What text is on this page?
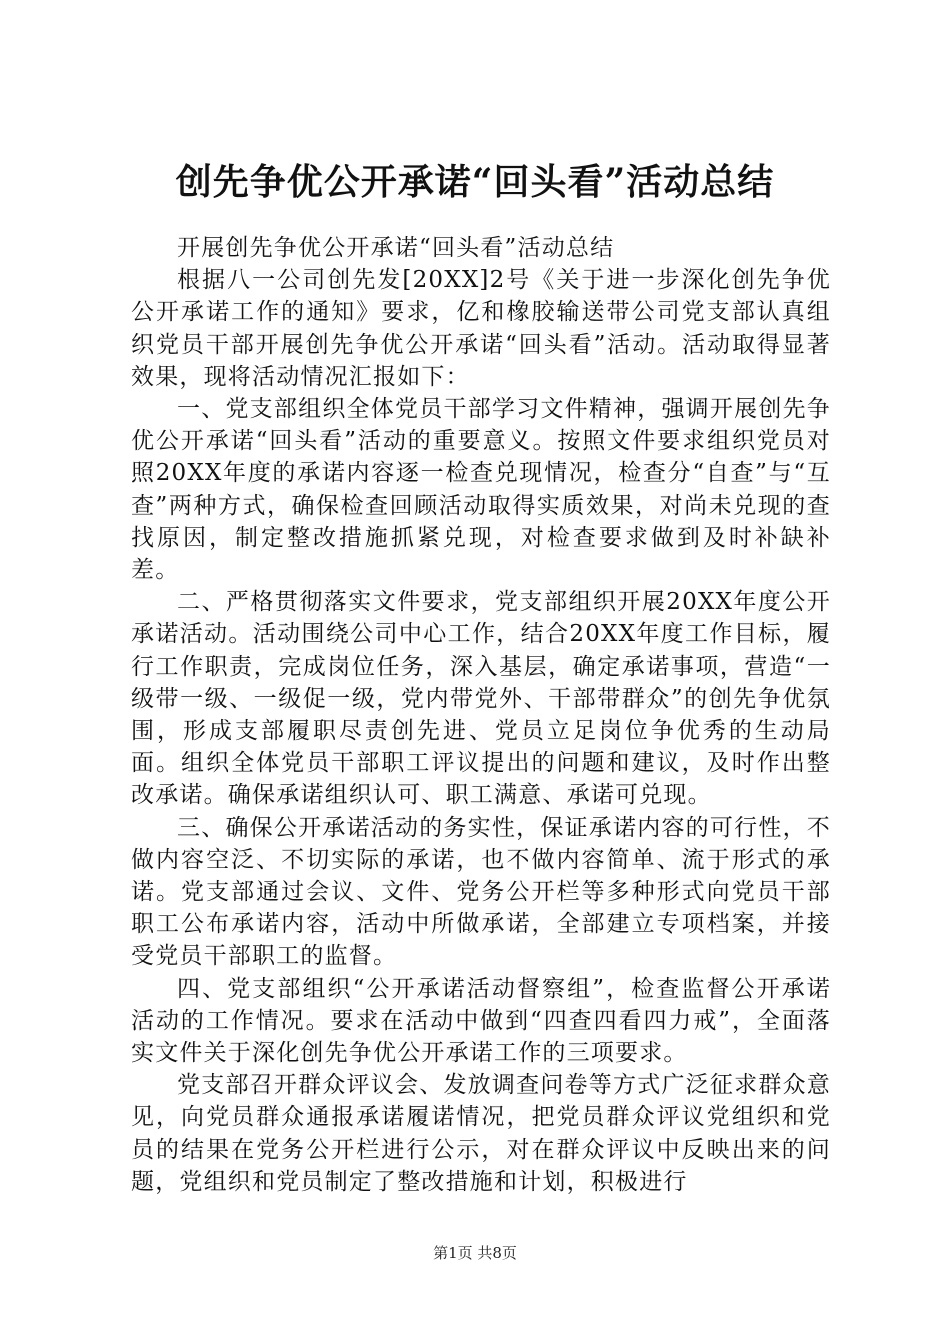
创先争优公开承诺“回头看”活动总结

开展创先争优公开承诺“回头看”活动总结

根据八一公司创先发[20XX]2号《关于进一步深化创先争优公开承诺工作的通知》要求，亿和橡胶输送带公司党支部认真组织党员干部开展创先争优公开承诺“回头看”活动。活动取得显著效果，现将活动情况汇报如下：

一、党支部组织全体党员干部学习文件精神，强调开展创先争优公开承诺“回头看”活动的重要意义。按照文件要求组织党员对照20XX年度的承诺内容逐一检查兑现情况，检查分“自查”与“互查”两种方式，确保检查回顾活动取得实质效果，对尚未兑现的查找原因，制定整改措施抓紧兑现，对检查要求做到及时补缺补差。

二、严格贯彻落实文件要求，党支部组织开展20XX年度公开承诺活动。活动围绕公司中心工作，结合20XX年度工作目标，履行工作职责，完成岗位任务，深入基层，确定承诺事项，营造“一级带一级、一级促一级，党内带党外、干部带群众”的创先争优氛围，形成支部履职尽责创先进、党员立足岗位争优秀的生动局面。组织全体党员干部职工评议提出的问题和建议，及时作出整改承诺。确保承诺组织认可、职工满意、承诺可兑现。

三、确保公开承诺活动的务实性，保证承诺内容的可行性，不做内容空泛、不切实际的承诺，也不做内容简单、流于形式的承诺。党支部通过会议、文件、党务公开栏等多种形式向党员干部职工公布承诺内容，活动中所做承诺，全部建立专项档案，并接受党员干部职工的监督。

四、党支部组织“公开承诺活动督察组”，检查监督公开承诺活动的工作情况。要求在活动中做到“四查四看四力戒”，全面落实文件关于深化创先争优公开承诺工作的三项要求。

党支部召开群众评议会、发放调查问卷等方式广泛征求群众意见，向党员群众通报承诺履诺情况，把党员群众评议党组织和党员的结果在党务公开栏进行公示，对在群众评议中反映出来的问题，党组织和党员制定了整改措施和计划，积极进行

第1页 共8页
